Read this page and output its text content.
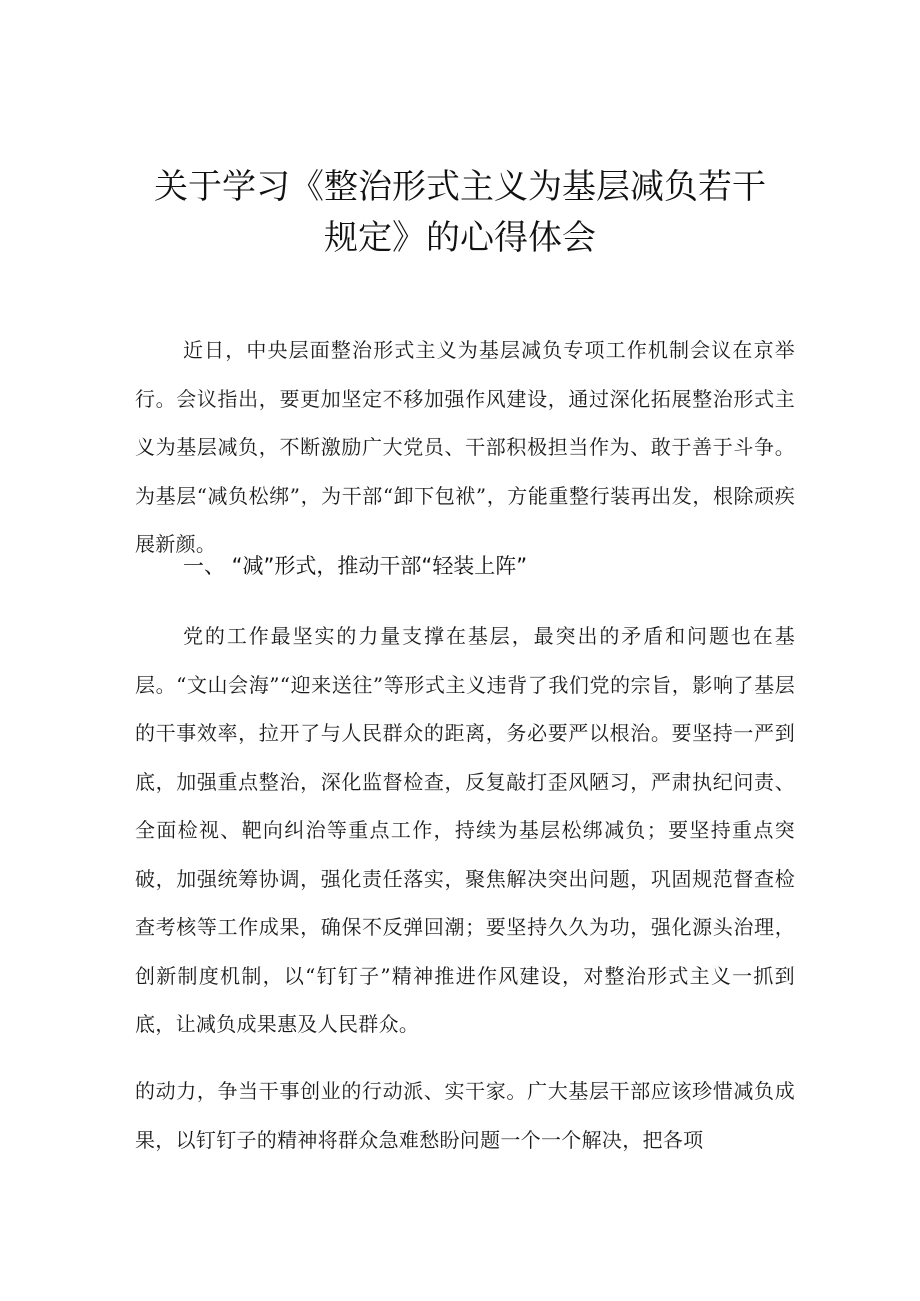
关于学习《整治形式主义为基层减负若干
规定》的心得体会

近日，中央层面整治形式主义为基层减负专项工作机制会议在京举行。会议指出，要更加坚定不移加强作风建设，通过深化拓展整治形式主义为基层减负，不断激励广大党员、干部积极担当作为、敢于善于斗争。为基层“减负松绑”，为干部“卸下包袱”，方能重整行装再出发，根除顽疾展新颜。

一、 “减”形式，推动干部“轻装上阵”

党的工作最坚实的力量支撑在基层，最突出的矛盾和问题也在基层。“文山会海”“迎来送往”等形式主义违背了我们党的宗旨，影响了基层的干事效率，拉开了与人民群众的距离，务必要严以根治。要坚持一严到底，加强重点整治，深化监督检查，反复敲打歪风陋习，严肃执纪问责、全面检视、靶向纠治等重点工作，持续为基层松绑减负；要坚持重点突破，加强统筹协调，强化责任落实，聚焦解决突出问题，巩固规范督查检查考核等工作成果，确保不反弹回潮；要坚持久久为功，强化源头治理，创新制度机制，以“钉钉子”精神推进作风建设，对整治形式主义一抓到底，让减负成果惠及人民群众。

的动力，争当干事创业的行动派、实干家。广大基层干部应该珍惜减负成果，以钉钉子的精神将群众急难愁盼问题一个一个解决，把各项
